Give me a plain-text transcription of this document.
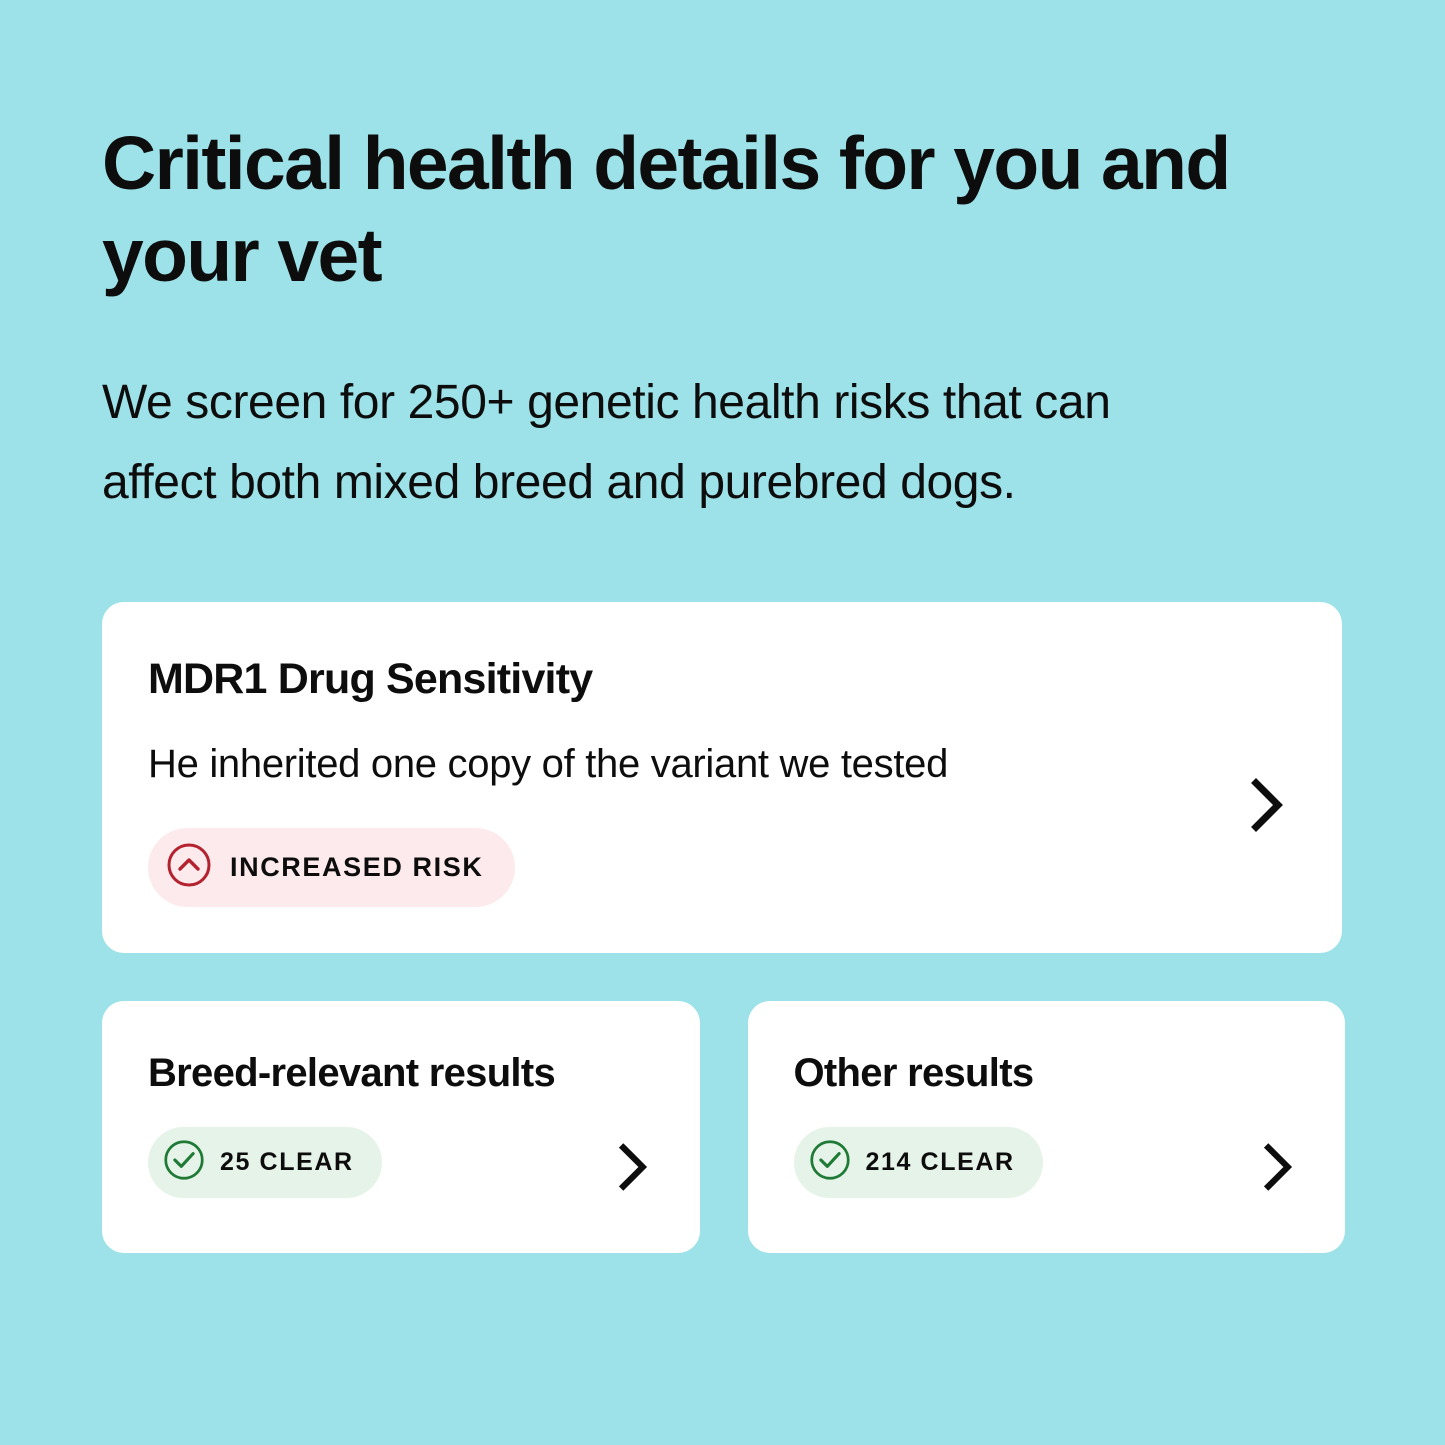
Critical health details for you and your vet

We screen for 250+ genetic health risks that can affect both mixed breed and purebred dogs.

MDR1 Drug Sensitivity

He inherited one copy of the variant we tested

INCREASED RISK
Breed-relevant results
25 CLEAR
Other results
214 CLEAR
